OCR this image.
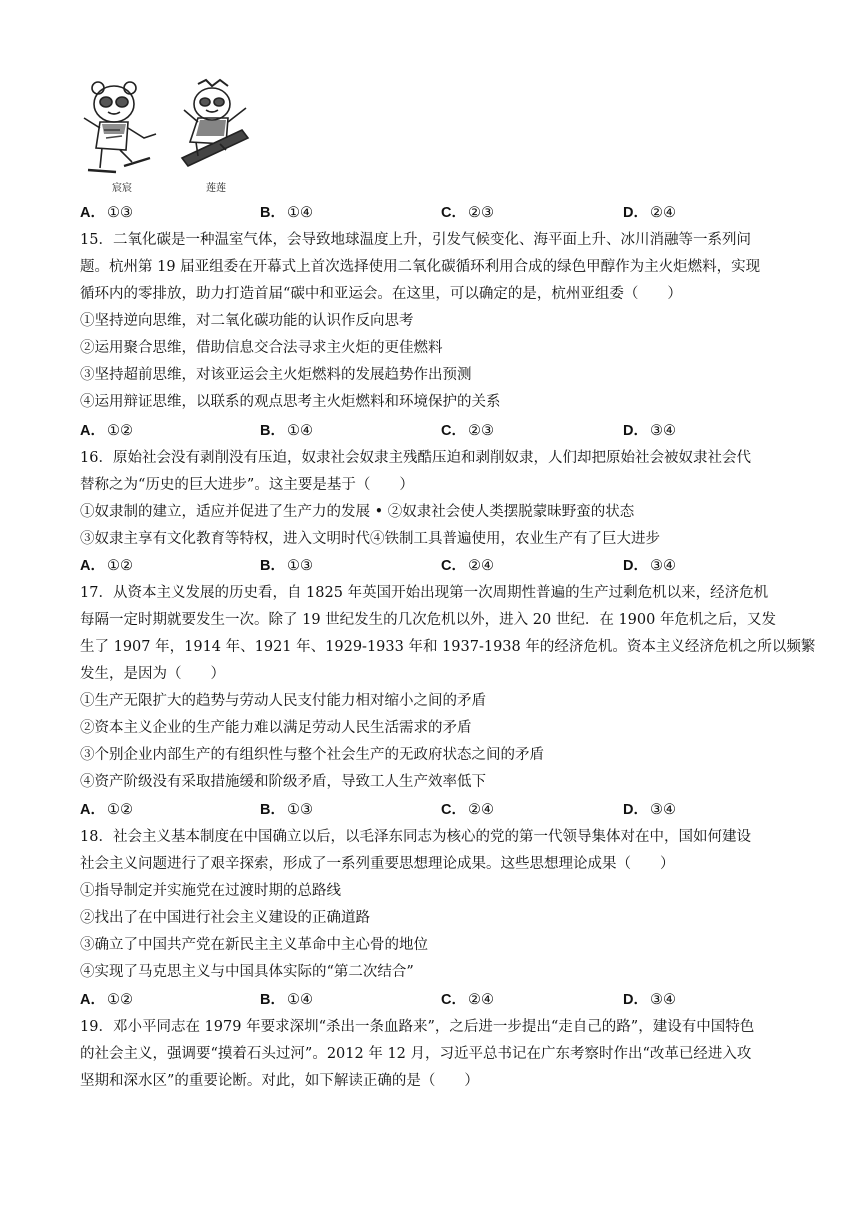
宸宸	莲莲
A． ①③	B． ①④	C． ②③	D． ②④
15．二氧化碳是一种温室气体，会导致地球温度上升，引发气候变化、海平面上升、冰川消融等一系列问
题。杭州第 19 届亚组委在开幕式上首次选择使用二氧化碳循环利用合成的绿色甲醇作为主火炬燃料，实现
循环内的零排放，助力打造首届“碳中和亚运会。在这里，可以确定的是，杭州亚组委（　　）
①坚持逆向思维，对二氧化碳功能的认识作反向思考
②运用聚合思维，借助信息交合法寻求主火炬的更佳燃料
③坚持超前思维，对该亚运会主火炬燃料的发展趋势作出预测
④运用辩证思维，以联系的观点思考主火炬燃料和环境保护的关系
A． ①②	B． ①④	C． ②③	D． ③④
16．原始社会没有剥削没有压迫，奴隶社会奴隶主残酷压迫和剥削奴隶，人们却把原始社会被奴隶社会代
替称之为“历史的巨大进步”。这主要是基于（　　）
①奴隶制的建立，适应并促进了生产力的发展 • ②奴隶社会使人类摆脱蒙昧野蛮的状态
③奴隶主享有文化教育等特权，进入文明时代④铁制工具普遍使用，农业生产有了巨大进步
A． ①②	B． ①③	C． ②④	D． ③④
17．从资本主义发展的历史看，自 1825 年英国开始出现第一次周期性普遍的生产过剩危机以来，经济危机
每隔一定时期就要发生一次。除了 19 世纪发生的几次危机以外，进入 20 世纪．在 1900 年危机之后，又发
生了 1907 年，1914 年、1921 年、1929-1933 年和 1937-1938 年的经济危机。资本主义经济危机之所以频繁
发生，是因为（　　）
①生产无限扩大的趋势与劳动人民支付能力相对缩小之间的矛盾
②资本主义企业的生产能力难以满足劳动人民生活需求的矛盾
③个别企业内部生产的有组织性与整个社会生产的无政府状态之间的矛盾
④资产阶级没有采取措施缓和阶级矛盾，导致工人生产效率低下
A． ①②	B． ①③	C． ②④	D． ③④
18．社会主义基本制度在中国确立以后，以毛泽东同志为核心的党的第一代领导集体对在中，国如何建设
社会主义问题进行了艰辛探索，形成了一系列重要思想理论成果。这些思想理论成果（　　）
①指导制定并实施党在过渡时期的总路线
②找出了在中国进行社会主义建设的正确道路
③确立了中国共产党在新民主主义革命中主心骨的地位
④实现了马克思主义与中国具体实际的“第二次结合”
A． ①②	B． ①④	C． ②④	D． ③④
19．邓小平同志在 1979 年要求深圳“杀出一条血路来”，之后进一步提出“走自己的路”，建设有中国特色
的社会主义，强调要“摸着石头过河”。2012 年 12 月，习近平总书记在广东考察时作出“改革已经进入攻
坚期和深水区”的重要论断。对此，如下解读正确的是（　　）
